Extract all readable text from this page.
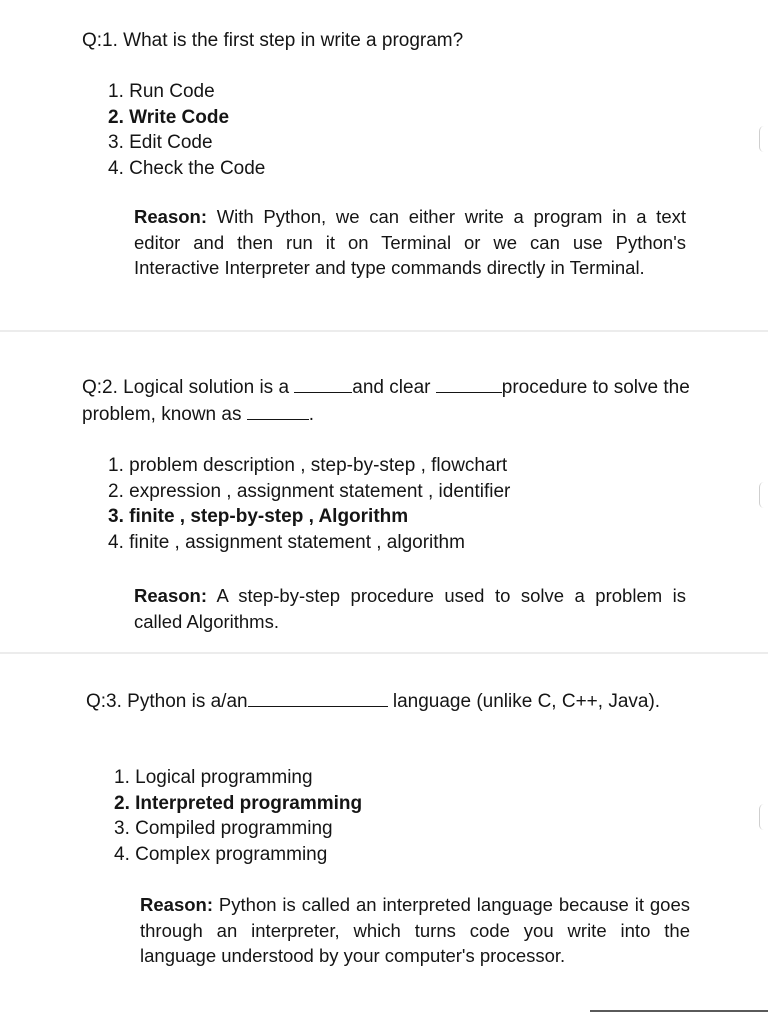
Q:1. What is the first step in write a program?

1. Run Code
2. Write Code
3. Edit Code
4. Check the Code

Reason: With Python, we can either write a program in a text editor and then run it on Terminal or we can use Python's Interactive Interpreter and type commands directly in Terminal.

Q:2. Logical solution is a	and clear	procedure to solve the problem, known as	.

1. problem description , step-by-step , flowchart
2. expression , assignment statement , identifier
3. finite , step-by-step , Algorithm
4. finite , assignment statement , algorithm

Reason: A step-by-step procedure used to solve a problem is called Algorithms.

Q:3. Python is a/an	language (unlike C, C++, Java).

1. Logical programming
2. Interpreted programming
3. Compiled programming
4. Complex programming

Reason: Python is called an interpreted language because it goes through an interpreter, which turns code you write into the language understood by your computer's processor.
